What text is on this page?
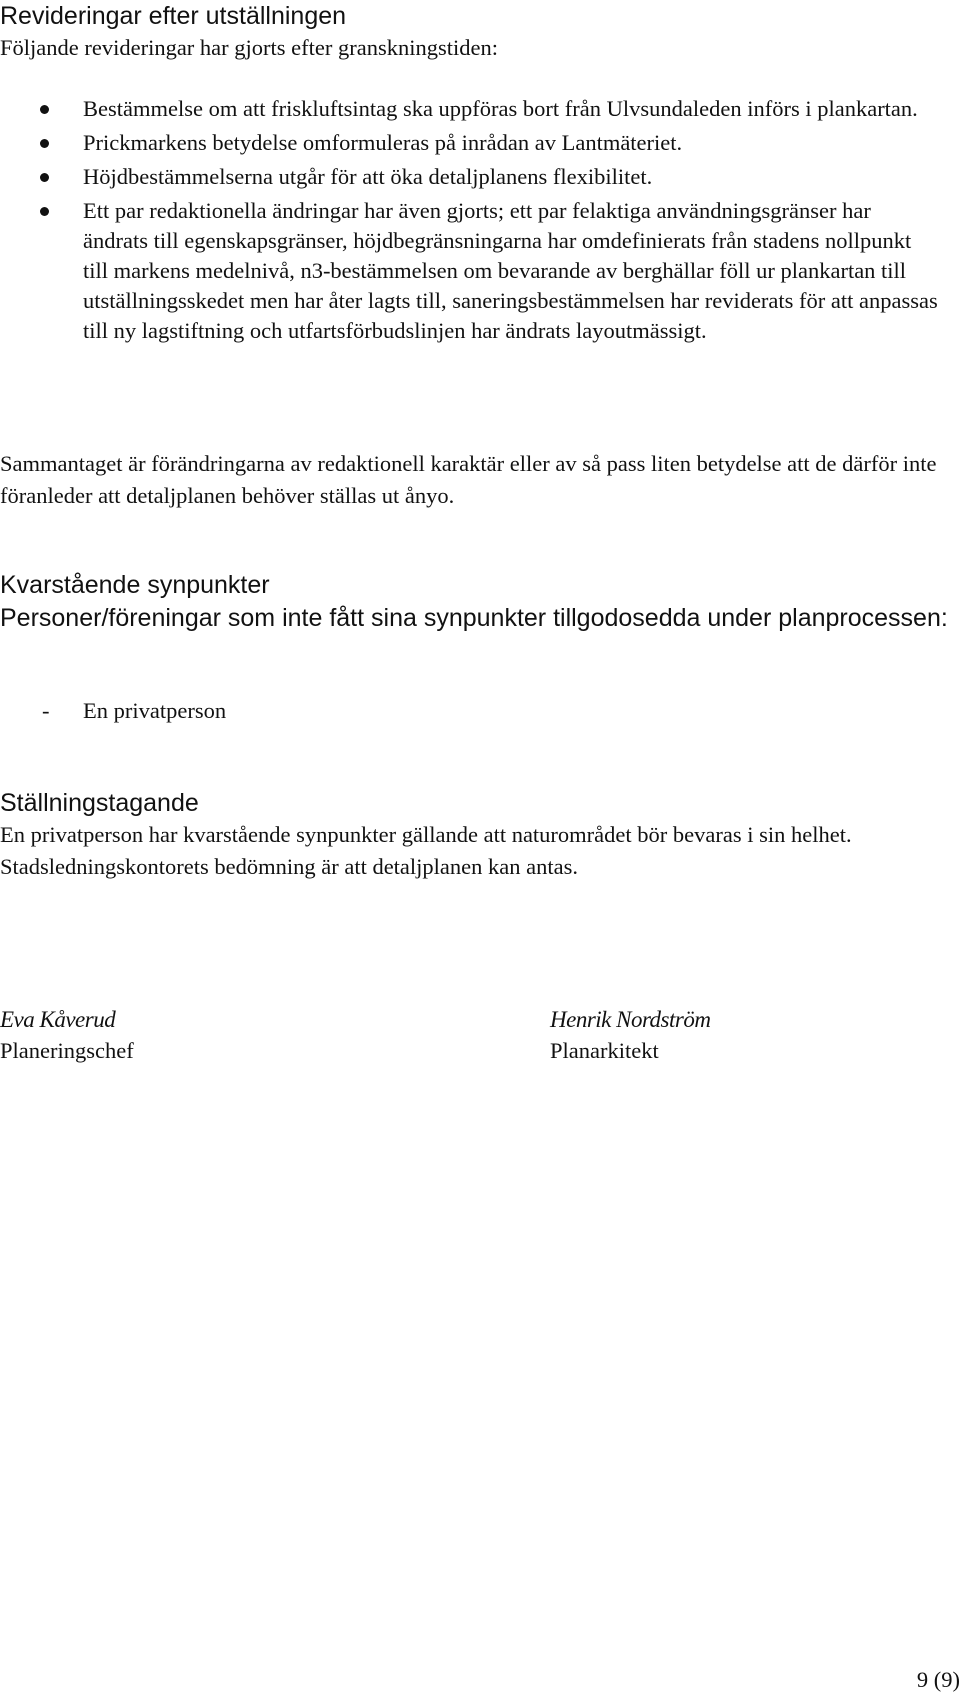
Revideringar efter utställningen

Följande revideringar har gjorts efter granskningstiden:

Bestämmelse om att friskluftsintag ska uppföras bort från Ulvsundaleden införs i plankartan.
Prickmarkens betydelse omformuleras på inrådan av Lantmäteriet.
Höjdbestämmelserna utgår för att öka detaljplanens flexibilitet.
Ett par redaktionella ändringar har även gjorts; ett par felaktiga användningsgränser har ändrats till egenskapsgränser, höjdbegränsningarna har omdefinierats från stadens nollpunkt till markens medelnivå, n3-bestämmelsen om bevarande av berghällar föll ur plankartan till utställningsskedet men har åter lagts till, saneringsbestämmelsen har reviderats för att anpassas till ny lagstiftning och utfartsförbudslinjen har ändrats layoutmässigt.

Sammantaget är förändringarna av redaktionell karaktär eller av så pass liten betydelse att de därför inte föranleder att detaljplanen behöver ställas ut ånyo.

Kvarstående synpunkter
Personer/föreningar som inte fått sina synpunkter tillgodosedda under planprocessen:
- En privatperson
Ställningstagande

En privatperson har kvarstående synpunkter gällande att naturområdet bör bevaras i sin helhet. Stadsledningskontorets bedömning är att detaljplanen kan antas.

Eva Kåverud
Planeringschef
Henrik Nordström
Planarkitekt
9 (9)
